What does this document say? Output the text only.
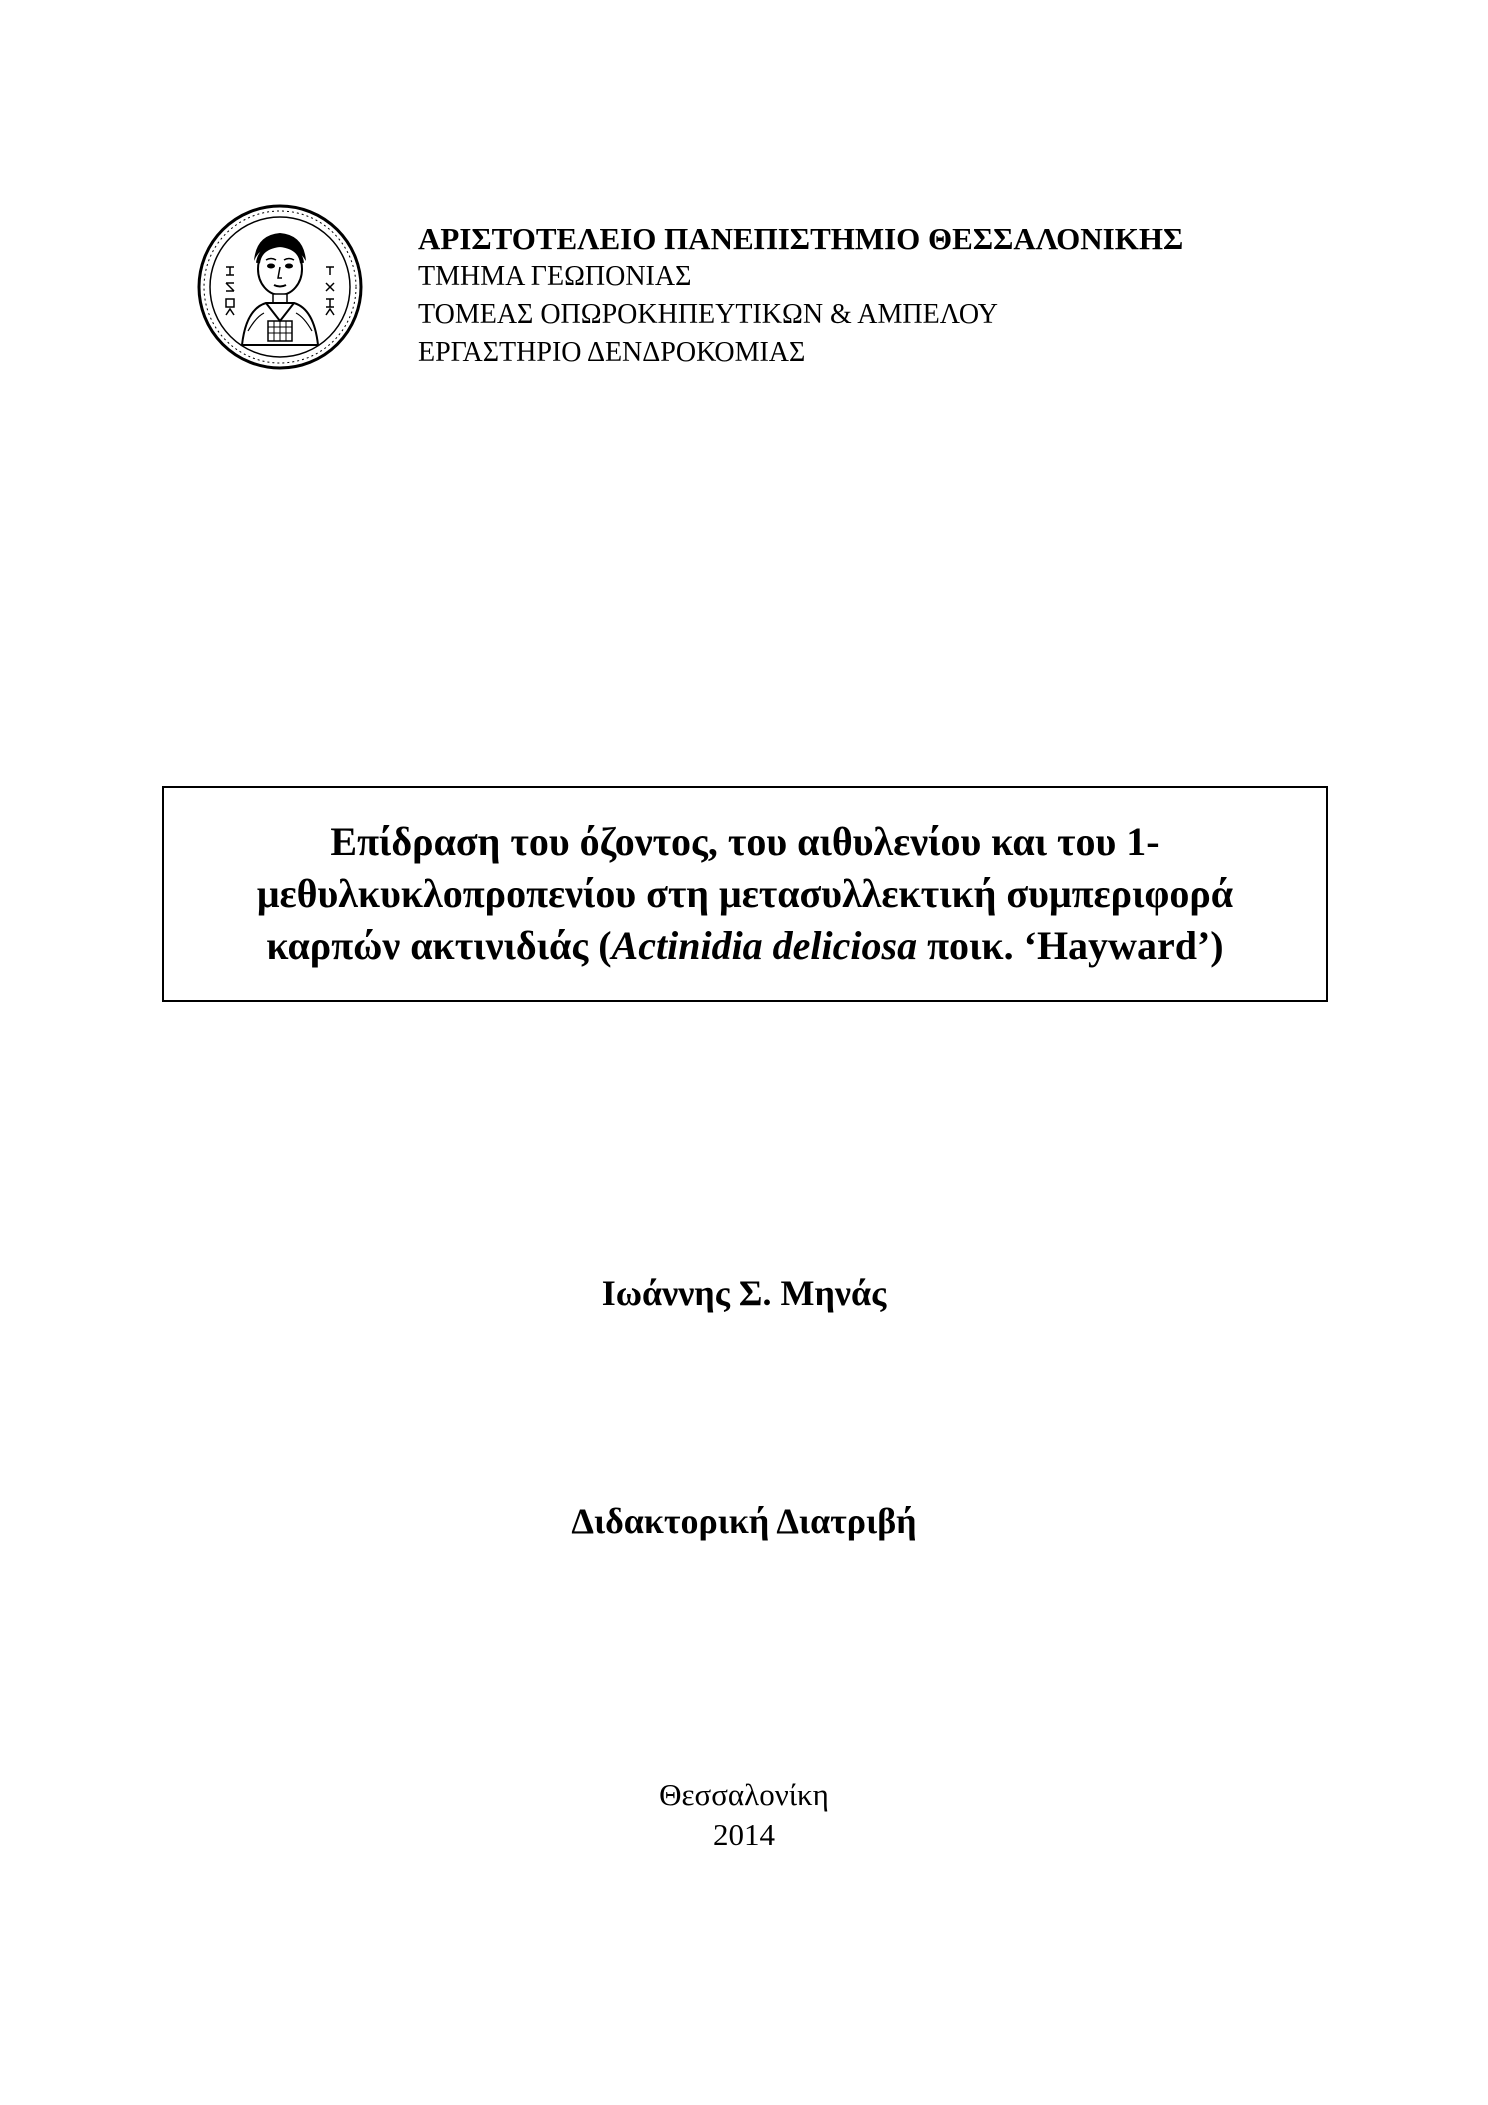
ΑΡΙΣΤΟΤΕΛΕΙΟ ΠΑΝΕΠΙΣΤΗΜΙΟ ΘΕΣΣΑΛΟΝΙΚΗΣ
ΤΜΗΜΑ ΓΕΩΠΟΝΙΑΣ
ΤΟΜΕΑΣ ΟΠΩΡΟΚΗΠΕΥΤΙΚΩΝ & ΑΜΠΕΛΟΥ
ΕΡΓΑΣΤΗΡΙΟ ΔΕΝΔΡΟΚΟΜΙΑΣ
Επίδραση του όζοντος, του αιθυλενίου και του 1-
μεθυλκυκλοπροπενίου στη μετασυλλεκτική συμπεριφορά
καρπών ακτινιδιάς (Actinidia deliciosa ποικ. ‘Hayward’)
Ιωάννης Σ. Μηνάς
Διδακτορική Διατριβή
Θεσσαλονίκη
2014
